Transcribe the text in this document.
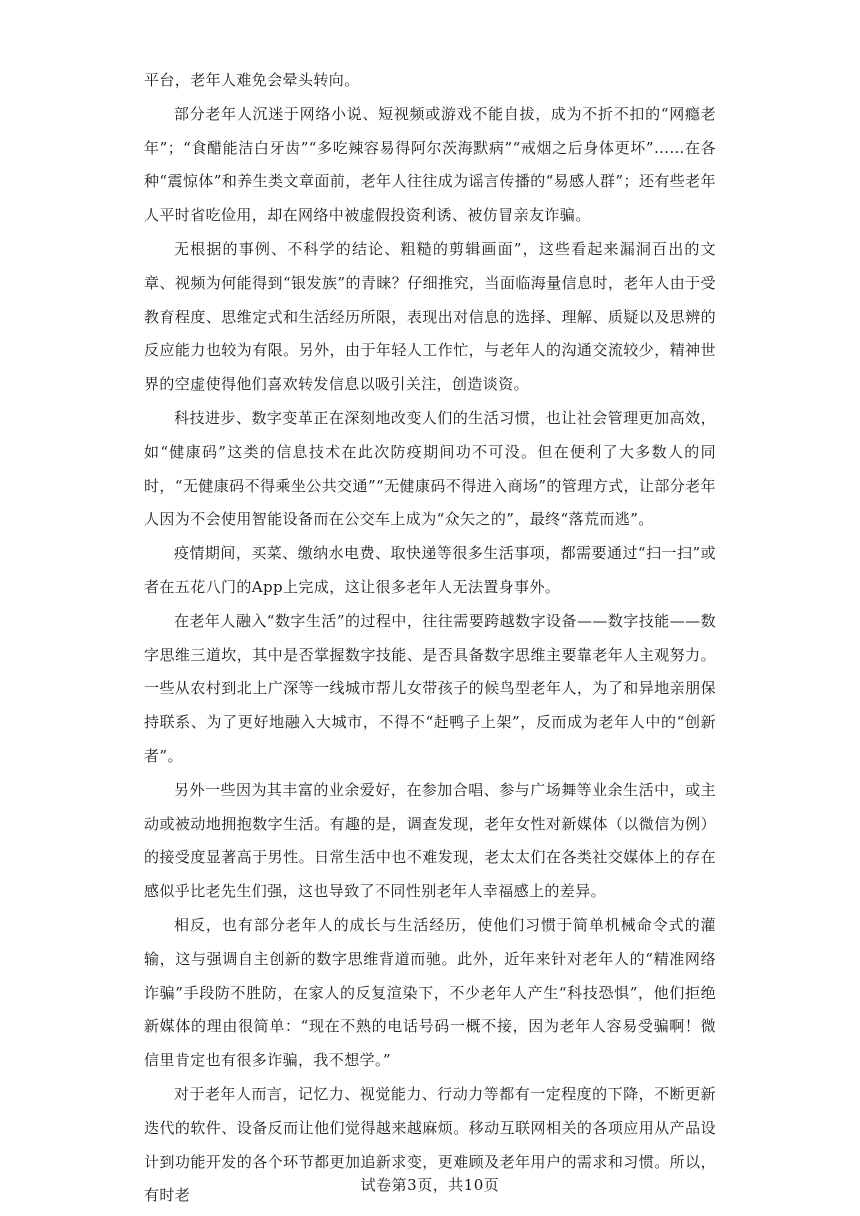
平台，老年人难免会晕头转向。

部分老年人沉迷于网络小说、短视频或游戏不能自拔，成为不折不扣的“网瘾老年”；“食醋能洁白牙齿”“多吃辣容易得阿尔茨海默病”“戒烟之后身体更坏”……在各种“震惊体”和养生类文章面前，老年人往往成为谣言传播的“易感人群”；还有些老年人平时省吃俭用，却在网络中被虚假投资利诱、被仿冒亲友诈骗。

无根据的事例、不科学的结论、粗糙的剪辑画面”，这些看起来漏洞百出的文章、视频为何能得到“银发族”的青睐？仔细推究，当面临海量信息时，老年人由于受教育程度、思维定式和生活经历所限，表现出对信息的选择、理解、质疑以及思辨的反应能力也较为有限。另外，由于年轻人工作忙，与老年人的沟通交流较少，精神世界的空虚使得他们喜欢转发信息以吸引关注，创造谈资。

科技进步、数字变革正在深刻地改变人们的生活习惯，也让社会管理更加高效，如“健康码”这类的信息技术在此次防疫期间功不可没。但在便利了大多数人的同时，“无健康码不得乘坐公共交通”“无健康码不得进入商场”的管理方式，让部分老年人因为不会使用智能设备而在公交车上成为“众矢之的”，最终“落荒而逃”。

疫情期间，买菜、缴纳水电费、取快递等很多生活事项，都需要通过“扫一扫”或者在五花八门的App上完成，这让很多老年人无法置身事外。

在老年人融入“数字生活”的过程中，往往需要跨越数字设备——数字技能——数字思维三道坎，其中是否掌握数字技能、是否具备数字思维主要靠老年人主观努力。一些从农村到北上广深等一线城市帮儿女带孩子的候鸟型老年人，为了和异地亲朋保持联系、为了更好地融入大城市，不得不“赶鸭子上架”，反而成为老年人中的“创新者”。

另外一些因为其丰富的业余爱好，在参加合唱、参与广场舞等业余生活中，或主动或被动地拥抱数字生活。有趣的是，调查发现，老年女性对新媒体（以微信为例）的接受度显著高于男性。日常生活中也不难发现，老太太们在各类社交媒体上的存在感似乎比老先生们强，这也导致了不同性别老年人幸福感上的差异。

相反，也有部分老年人的成长与生活经历，使他们习惯于简单机械命令式的灌输，这与强调自主创新的数字思维背道而驰。此外，近年来针对老年人的“精准网络诈骗”手段防不胜防，在家人的反复渲染下，不少老年人产生“科技恐惧”，他们拒绝新媒体的理由很简单：“现在不熟的电话号码一概不接，因为老年人容易受骗啊！微信里肯定也有很多诈骗，我不想学。”

对于老年人而言，记忆力、视觉能力、行动力等都有一定程度的下降，不断更新迭代的软件、设备反而让他们觉得越来越麻烦。移动互联网相关的各项应用从产品设计到功能开发的各个环节都更加追新求变，更难顾及老年用户的需求和习惯。所以，有时老

试卷第3页，共10页
